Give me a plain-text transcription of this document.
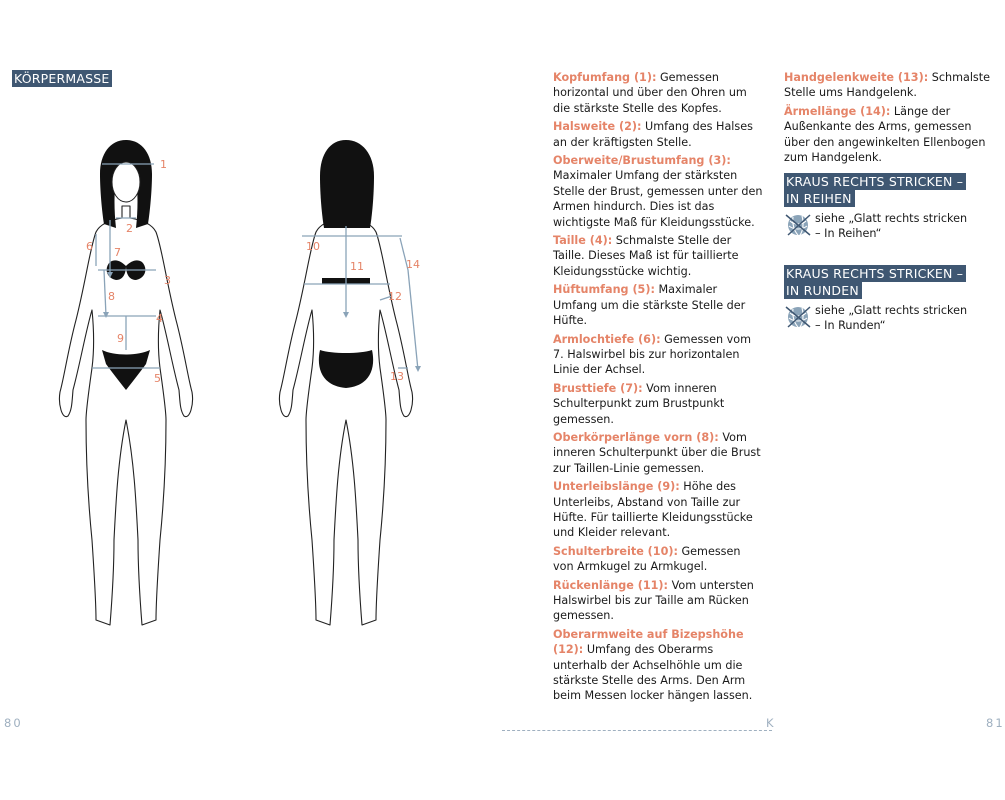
KÖRPERMASSE
1
2
3
4
5
6 7
8
9
10
11
12
13
14
80

Kopfumfang (1): Gemessen horizontal und über den Ohren um die stärkste Stelle des Kopfes.

Halsweite (2): Umfang des Halses an der kräftigsten Stelle.

Oberweite/Brustumfang (3): Maximaler Umfang der stärksten Stelle der Brust, gemessen unter den Armen hindurch. Dies ist das wichtigste Maß für Kleidungsstücke.

Taille (4): Schmalste Stelle der Taille. Dieses Maß ist für taillierte Kleidungsstücke wichtig.

Hüftumfang (5): Maximaler Umfang um die stärkste Stelle der Hüfte.

Armlochtiefe (6): Gemessen vom 7. Halswirbel bis zur horizontalen Linie der Achsel.

Brusttiefe (7): Vom inneren Schulterpunkt zum Brustpunkt gemessen.

Oberkörperlänge vorn (8): Vom inneren Schulterpunkt über die Brust zur Taillen-Linie gemessen.

Unterleibslänge (9): Höhe des Unterleibs, Abstand von Taille zur Hüfte. Für taillierte Kleidungsstücke und Kleider relevant.

Schulterbreite (10): Gemessen von Armkugel zu Armkugel.

Rückenlänge (11): Vom untersten Halswirbel bis zur Taille am Rücken gemessen.

Oberarmweite auf Bizepshöhe (12): Umfang des Oberarms unterhalb der Achselhöhle um die stärkste Stelle des Arms. Den Arm beim Messen locker hängen lassen.

Handgelenkweite (13): Schmalste Stelle ums Handgelenk.

Ärmellänge (14): Länge der Außenkante des Arms, gemessen über den angewinkelten Ellenbogen zum Handgelenk.

KRAUS RECHTS STRICKEN –
IN REIHEN
siehe „Glatt rechts stricken – In Reihen“
KRAUS RECHTS STRICKEN –
IN RUNDEN
siehe „Glatt rechts stricken – In Runden“
K	81
